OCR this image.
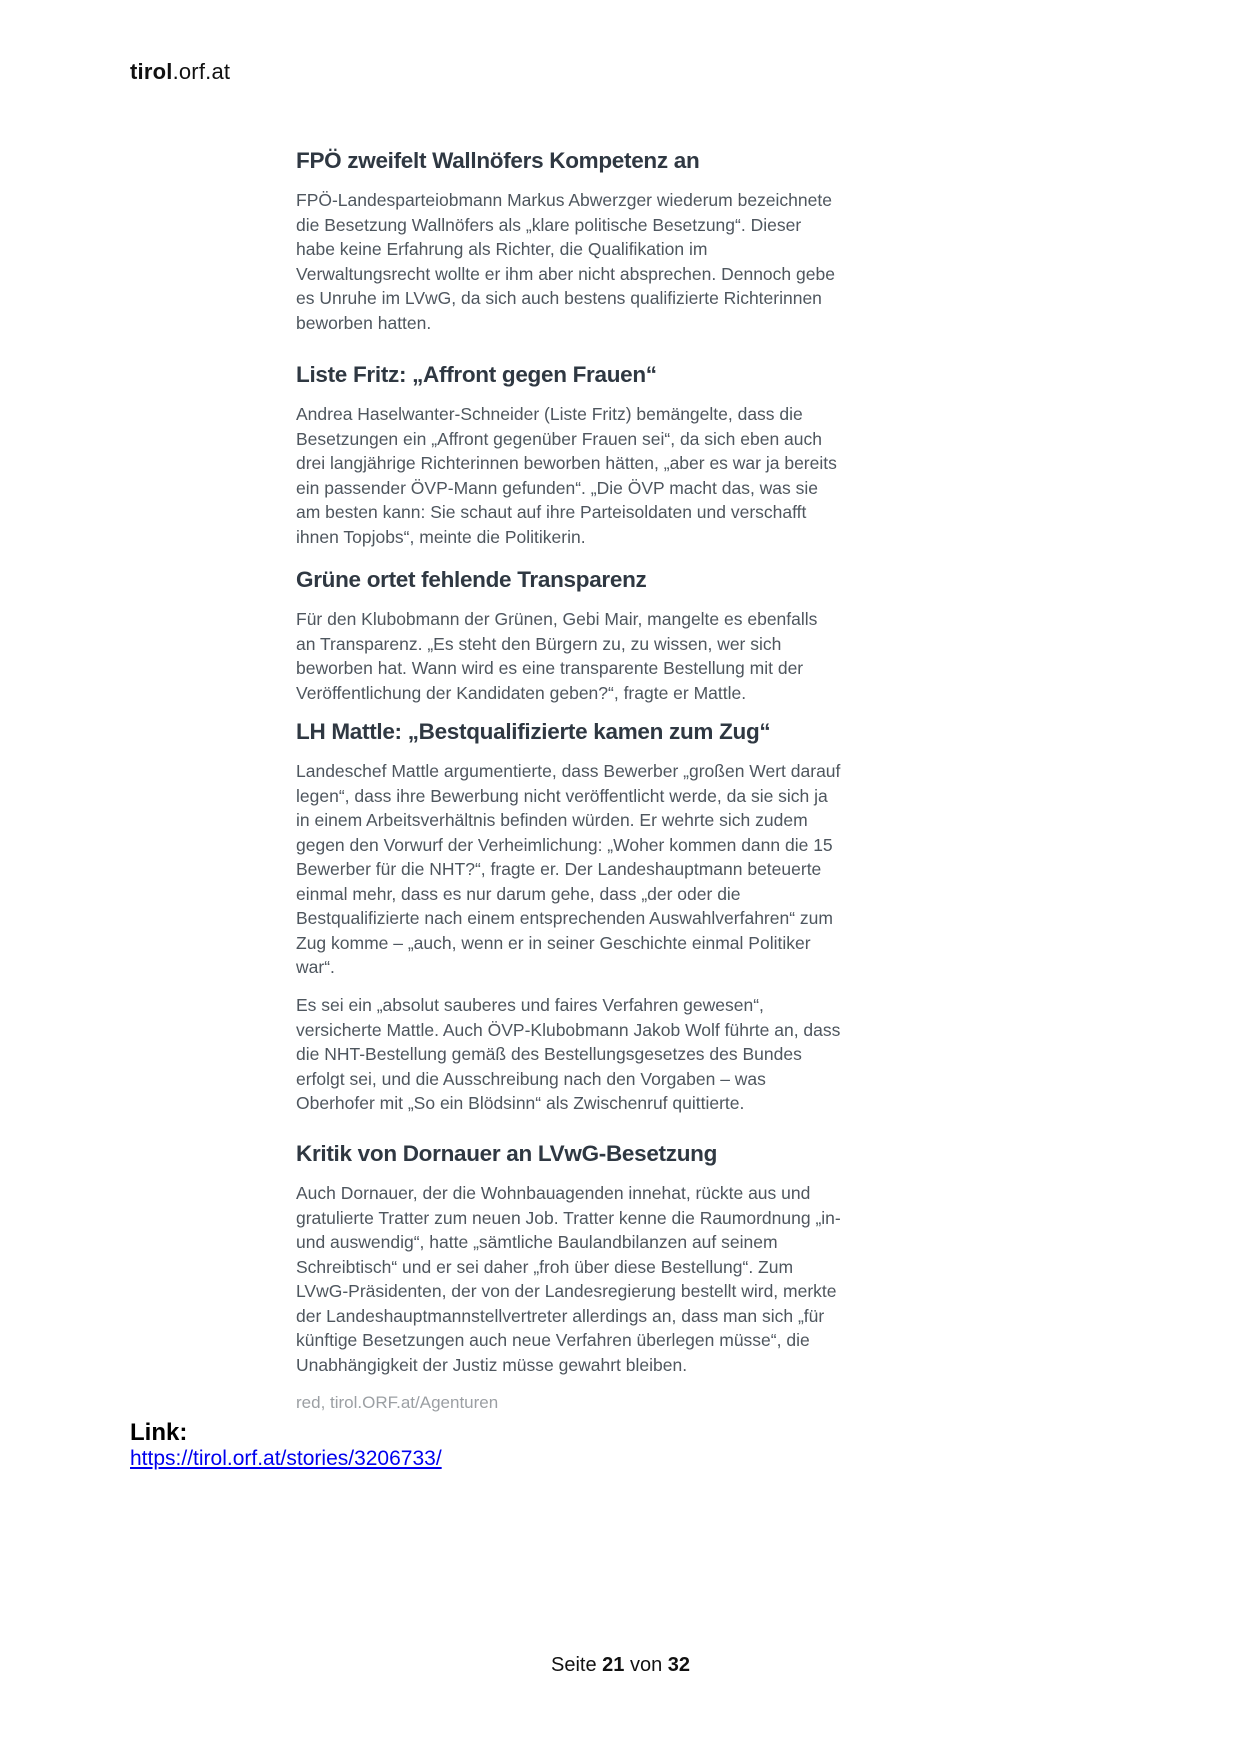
tirol.orf.at
FPÖ zweifelt Wallnöfers Kompetenz an

FPÖ-Landesparteiobmann Markus Abwerzger wiederum bezeichnete die Besetzung Wallnöfers als „klare politische Besetzung“. Dieser habe keine Erfahrung als Richter, die Qualifikation im Verwaltungsrecht wollte er ihm aber nicht absprechen. Dennoch gebe es Unruhe im LVwG, da sich auch bestens qualifizierte Richterinnen beworben hatten.

Liste Fritz: „Affront gegen Frauen“

Andrea Haselwanter-Schneider (Liste Fritz) bemängelte, dass die Besetzungen ein „Affront gegenüber Frauen sei“, da sich eben auch drei langjährige Richterinnen beworben hätten, „aber es war ja bereits ein passender ÖVP-Mann gefunden“. „Die ÖVP macht das, was sie am besten kann: Sie schaut auf ihre Parteisoldaten und verschafft ihnen Topjobs“, meinte die Politikerin.

Grüne ortet fehlende Transparenz

Für den Klubobmann der Grünen, Gebi Mair, mangelte es ebenfalls an Transparenz. „Es steht den Bürgern zu, zu wissen, wer sich beworben hat. Wann wird es eine transparente Bestellung mit der Veröffentlichung der Kandidaten geben?“, fragte er Mattle.

LH Mattle: „Bestqualifizierte kamen zum Zug“

Landeschef Mattle argumentierte, dass Bewerber „großen Wert darauf legen“, dass ihre Bewerbung nicht veröffentlicht werde, da sie sich ja in einem Arbeitsverhältnis befinden würden. Er wehrte sich zudem gegen den Vorwurf der Verheimlichung: „Woher kommen dann die 15 Bewerber für die NHT?“, fragte er. Der Landeshauptmann beteuerte einmal mehr, dass es nur darum gehe, dass „der oder die Bestqualifizierte nach einem entsprechenden Auswahlverfahren“ zum Zug komme – „auch, wenn er in seiner Geschichte einmal Politiker war“.

Es sei ein „absolut sauberes und faires Verfahren gewesen“, versicherte Mattle. Auch ÖVP-Klubobmann Jakob Wolf führte an, dass die NHT-Bestellung gemäß des Bestellungsgesetzes des Bundes erfolgt sei, und die Ausschreibung nach den Vorgaben – was Oberhofer mit „So ein Blödsinn“ als Zwischenruf quittierte.

Kritik von Dornauer an LVwG-Besetzung

Auch Dornauer, der die Wohnbauagenden innehat, rückte aus und gratulierte Tratter zum neuen Job. Tratter kenne die Raumordnung „in- und auswendig“, hatte „sämtliche Baulandbilanzen auf seinem Schreibtisch“ und er sei daher „froh über diese Bestellung“. Zum LVwG-Präsidenten, der von der Landesregierung bestellt wird, merkte der Landeshauptmannstellvertreter allerdings an, dass man sich „für künftige Besetzungen auch neue Verfahren überlegen müsse“, die Unabhängigkeit der Justiz müsse gewahrt bleiben.

red, tirol.ORF.at/Agenturen
Link:
https://tirol.orf.at/stories/3206733/
Seite 21 von 32
